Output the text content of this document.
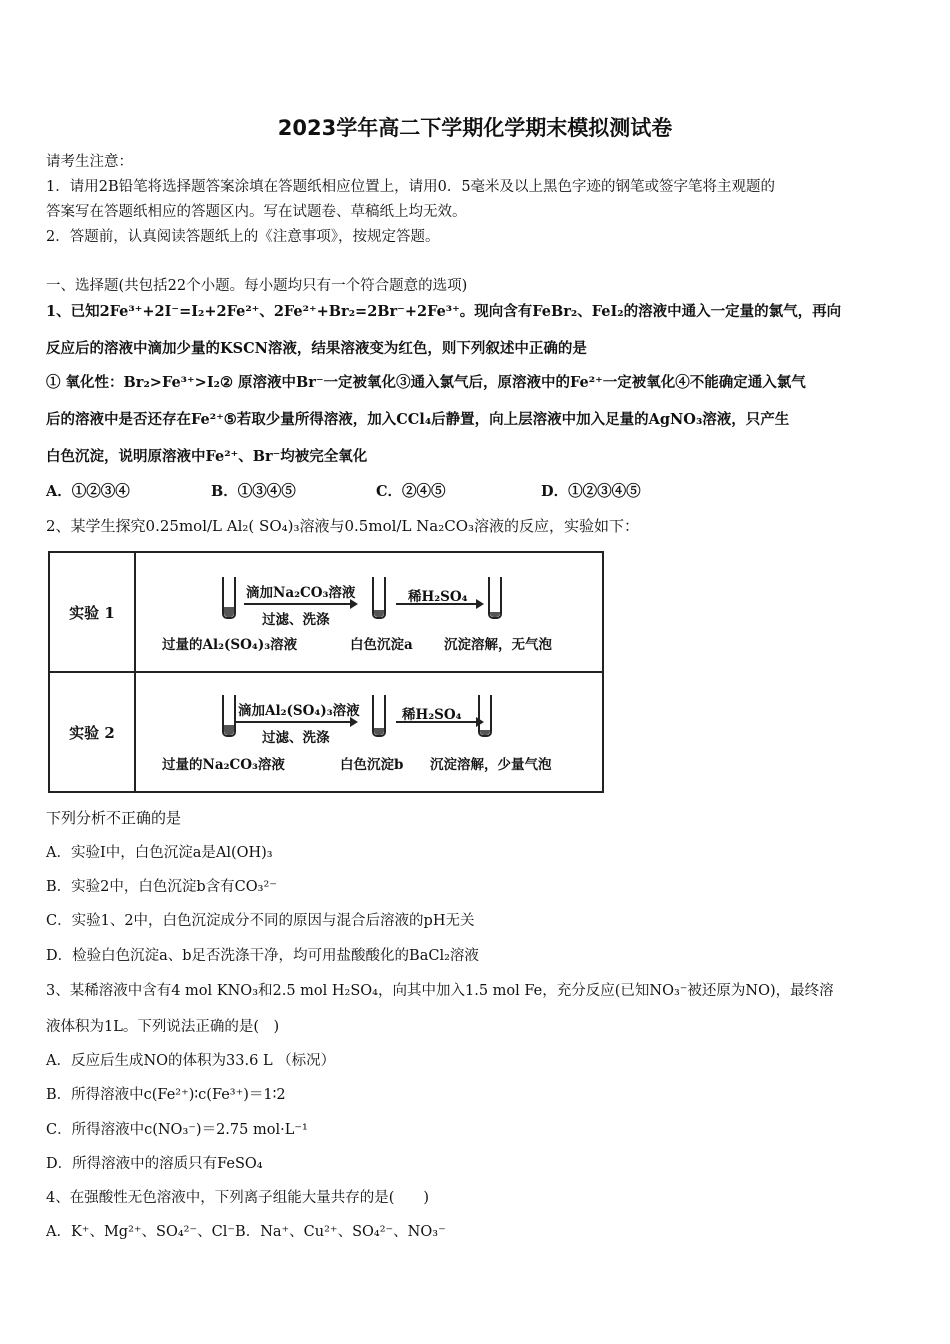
2023学年高二下学期化学期末模拟测试卷
请考生注意：
1．请用2B铅笔将选择题答案涂填在答题纸相应位置上，请用0．5毫米及以上黑色字迹的钢笔或签字笔将主观题的
答案写在答题纸相应的答题区内。写在试题卷、草稿纸上均无效。
2．答题前，认真阅读答题纸上的《注意事项》，按规定答题。
一、选择题(共包括22个小题。每小题均只有一个符合题意的选项)
1、已知2Fe³⁺+2I⁻=I₂+2Fe²⁺、2Fe²⁺+Br₂=2Br⁻+2Fe³⁺。现向含有FeBr₂、FeI₂的溶液中通入一定量的氯气，再向
反应后的溶液中滴加少量的KSCN溶液，结果溶液变为红色，则下列叙述中正确的是
① 氧化性：Br₂>Fe³⁺>I₂② 原溶液中Br⁻一定被氧化③通入氯气后，原溶液中的Fe²⁺一定被氧化④不能确定通入氯气
后的溶液中是否还存在Fe²⁺⑤若取少量所得溶液，加入CCl₄后静置，向上层溶液中加入足量的AgNO₃溶液，只产生
白色沉淀，说明原溶液中Fe²⁺、Br⁻均被完全氧化
A．①②③④	B．①③④⑤	C．②④⑤	D．①②③④⑤
2、某学生探究0.25mol/L Al₂( SO₄)₃溶液与0.5mol/L Na₂CO₃溶液的反应，实验如下：
实验 1
滴加Na₂CO₃溶液
过滤、洗涤
稀H₂SO₄
过量的Al₂(SO₄)₃溶液	白色沉淀a 沉淀溶解，无气泡
实验 2
滴加Al₂(SO₄)₃溶液
过滤、洗涤
稀H₂SO₄
过量的Na₂CO₃溶液	白色沉淀b 沉淀溶解，少量气泡
下列分析不正确的是
A．实验Ⅰ中，白色沉淀a是Al(OH)₃
B．实验2中，白色沉淀b含有CO₃²⁻
C．实验1、2中，白色沉淀成分不同的原因与混合后溶液的pH无关
D．检验白色沉淀a、b足否洗涤干净，均可用盐酸酸化的BaCl₂溶液
3、某稀溶液中含有4 mol KNO₃和2.5 mol H₂SO₄，向其中加入1.5 mol Fe，充分反应(已知NO₃⁻被还原为NO)，最终溶
液体积为1L。下列说法正确的是(　)
A．反应后生成NO的体积为33.6 L （标况）
B．所得溶液中c(Fe²⁺)∶c(Fe³⁺)＝1∶2
C．所得溶液中c(NO₃⁻)＝2.75 mol·L⁻¹
D．所得溶液中的溶质只有FeSO₄
4、在强酸性无色溶液中，下列离子组能大量共存的是(　　)
A．K⁺、Mg²⁺、SO₄²⁻、Cl⁻B．Na⁺、Cu²⁺、SO₄²⁻、NO₃⁻
